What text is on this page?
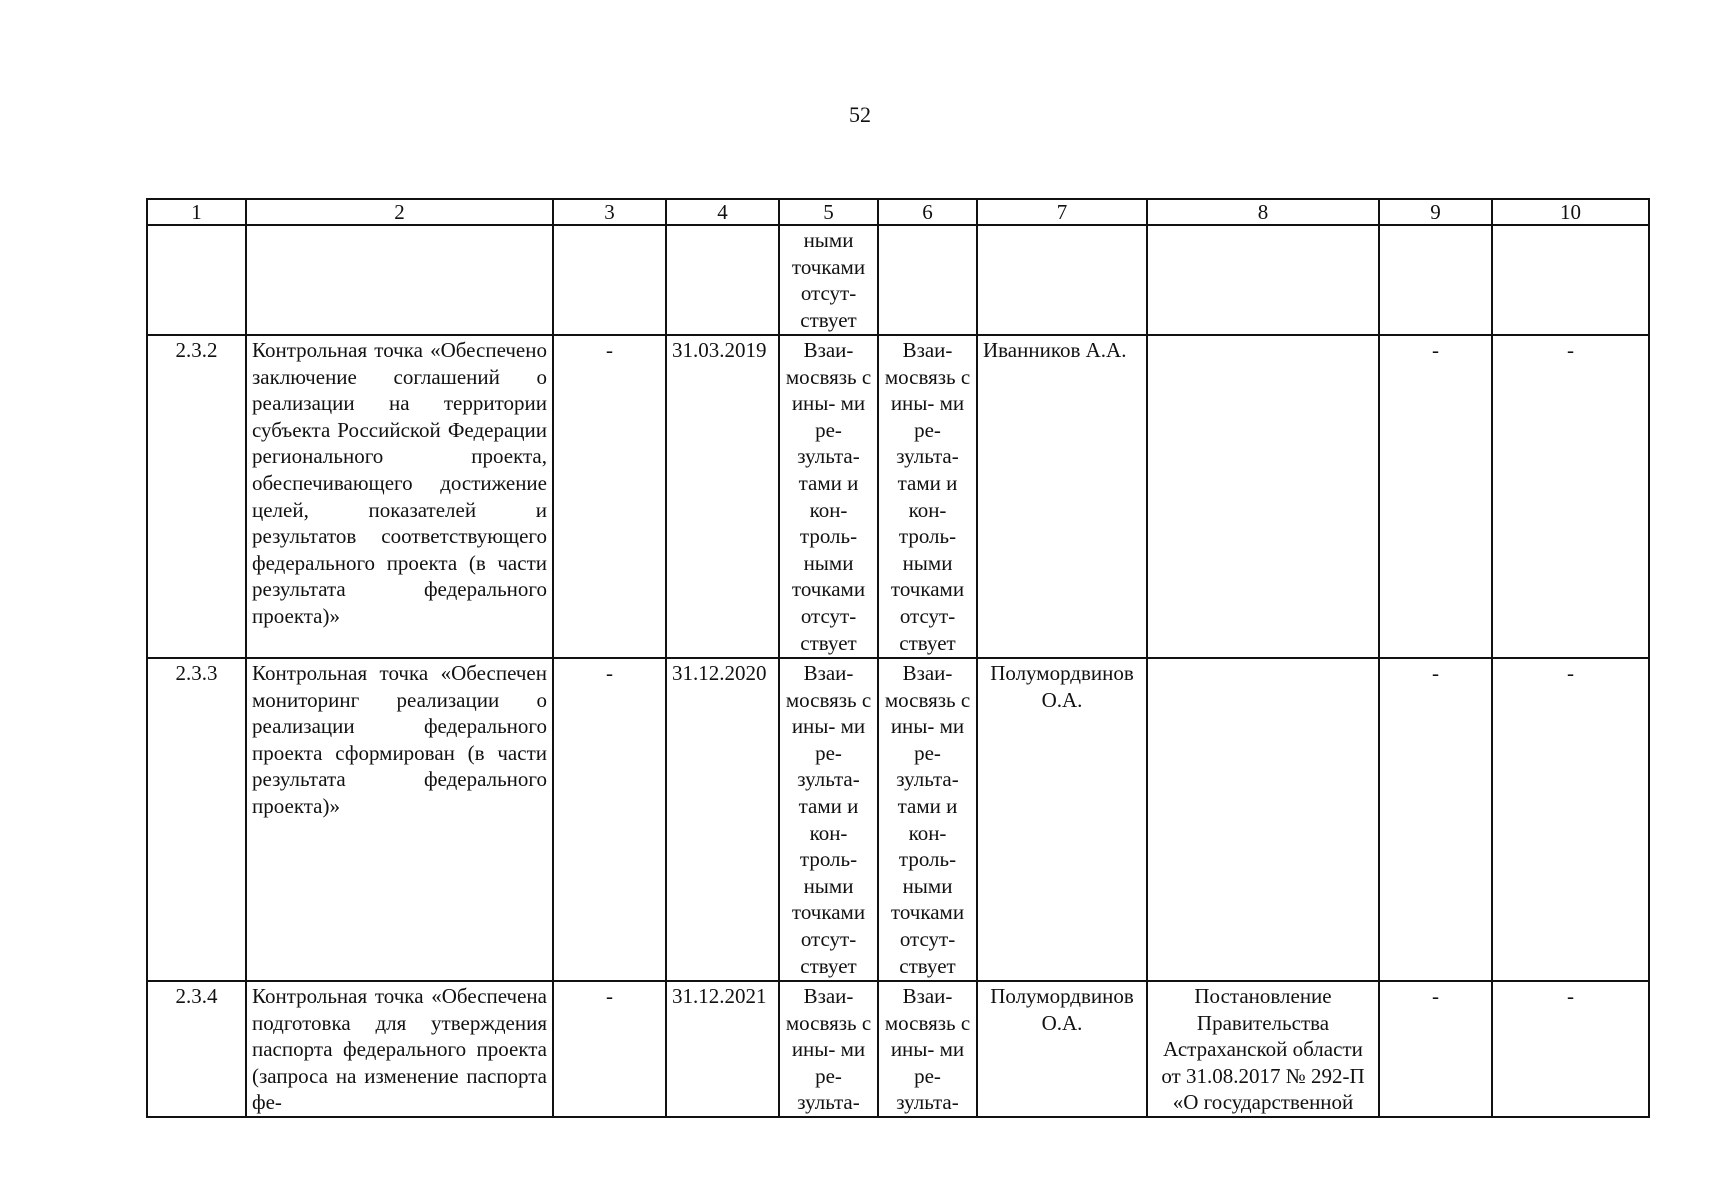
52
1	2	3	4	5	6	7	8	9	10
				ными точками отсут- ствует					
2.3.2	Контрольная точка «Обеспечено заключение соглашений о реализации на территории субъекта Российской Федерации регионального проекта, обеспечивающего достижение целей, показателей и результатов соответствующего федерального проекта (в части результата федерального проекта)»	-	31.03.2019	Взаи- мосвязь с ины- ми ре- зульта- тами и кон- троль- ными точками отсут- ствует	Взаи- мосвязь с ины- ми ре- зульта- тами и кон- троль- ными точками отсут- ствует	Иванников А.А.		-	-
2.3.3	Контрольная точка «Обеспечен мониторинг реализации о реализации федерального проекта сформирован (в части результата федерального проекта)»	-	31.12.2020	Взаи- мосвязь с ины- ми ре- зульта- тами и кон- троль- ными точками отсут- ствует	Взаи- мосвязь с ины- ми ре- зульта- тами и кон- троль- ными точками отсут- ствует	Полумордвинов О.А.		-	-
2.3.4	Контрольная точка «Обеспечена подготовка для утверждения паспорта федерального проекта (запроса на изменение паспорта фе-	-	31.12.2021	Взаи- мосвязь с ины- ми ре- зульта-	Взаи- мосвязь с ины- ми ре- зульта-	Полумордвинов О.А.	Постановление Правительства Астраханской области от 31.08.2017 № 292-П «О государственной	-	-
